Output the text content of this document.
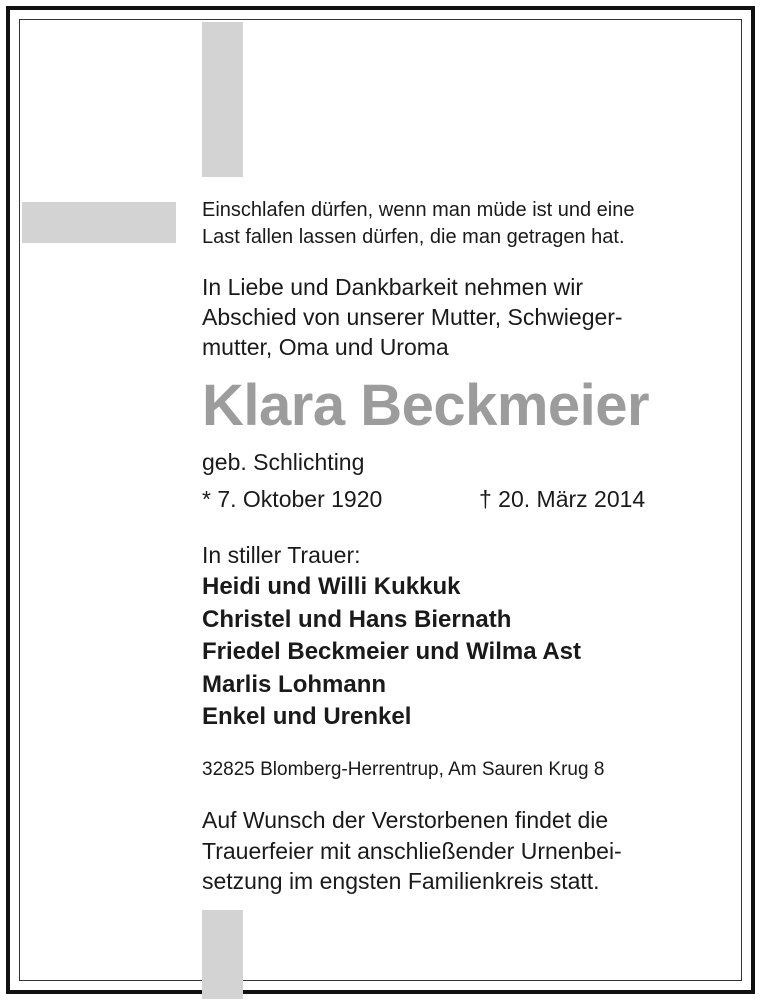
Einschlafen dürfen, wenn man müde ist und eine
Last fallen lassen dürfen, die man getragen hat.

In Liebe und Dankbarkeit nehmen wir
Abschied von unserer Mutter, Schwieger-
mutter, Oma und Uroma

Klara Beckmeier

geb. Schlichting

* 7. Oktober 1920	† 20. März 2014

In stiller Trauer:

Heidi und Willi Kukkuk
Christel und Hans Biernath
Friedel Beckmeier und Wilma Ast
Marlis Lohmann
Enkel und Urenkel

32825 Blomberg-Herrentrup, Am Sauren Krug 8

Auf Wunsch der Verstorbenen findet die
Trauerfeier mit anschließender Urnenbei-
setzung im engsten Familienkreis statt.
